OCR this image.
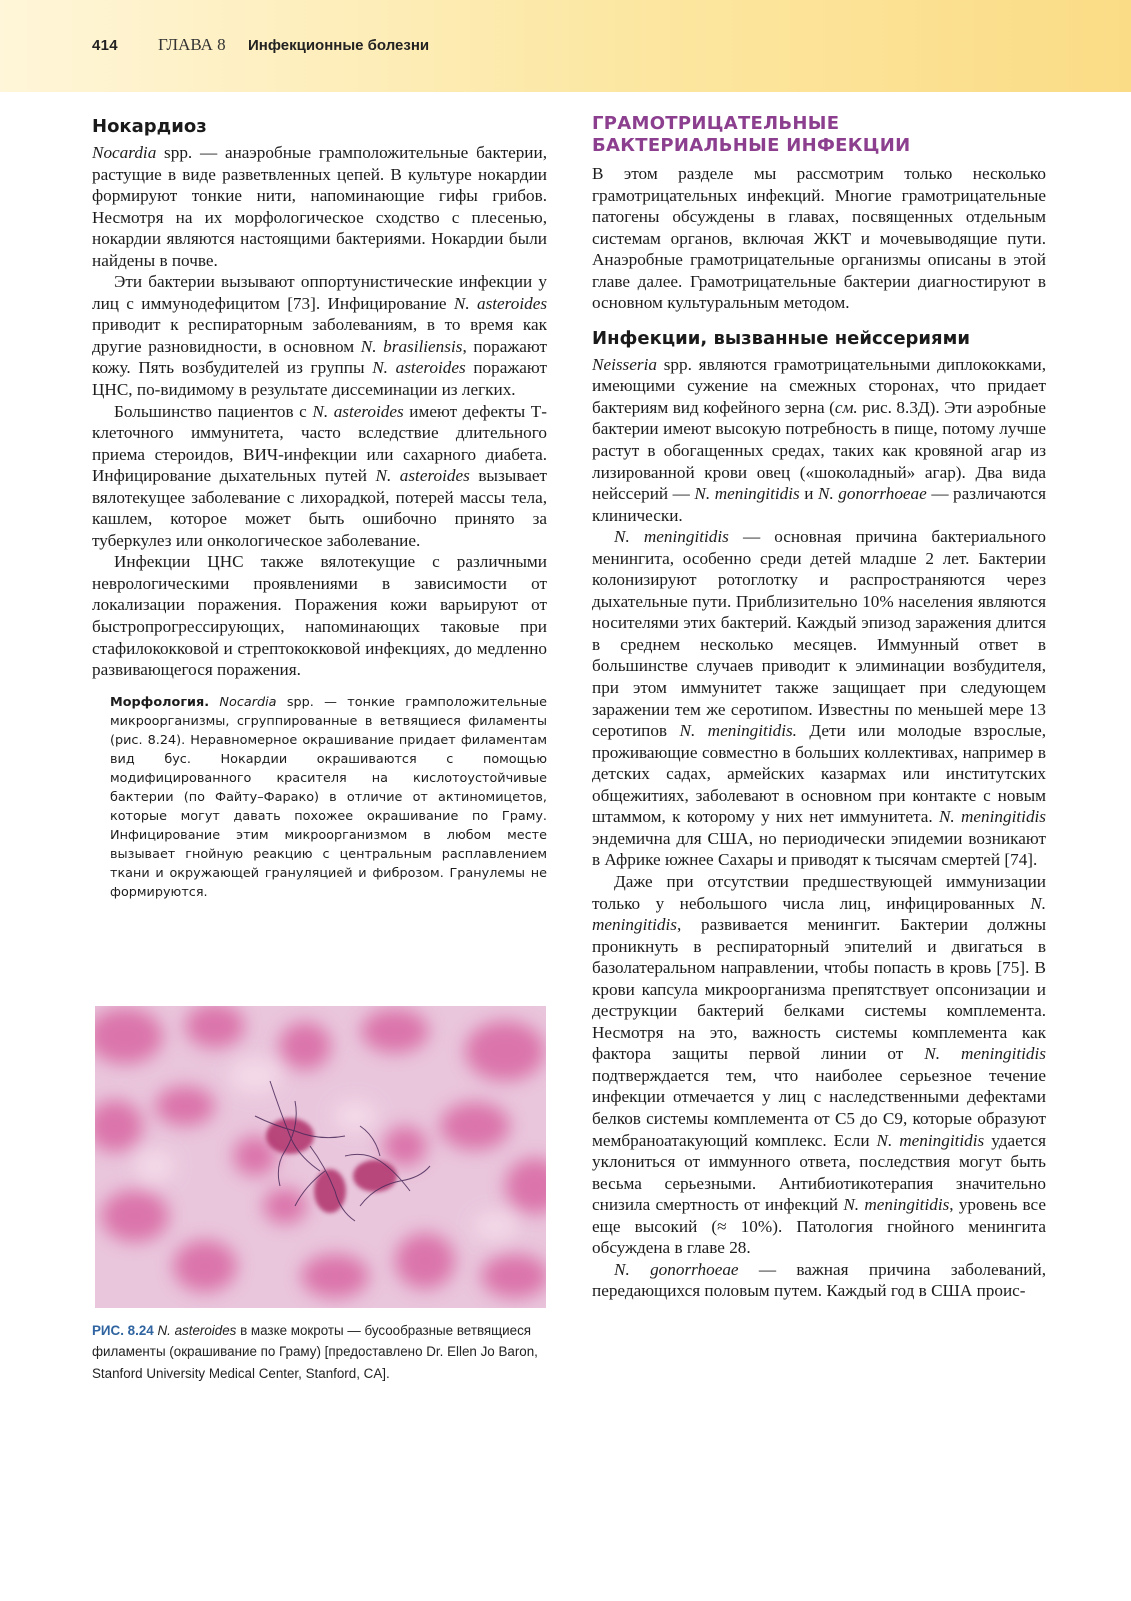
414 ГЛАВА 8 Инфекционные болезни
Нокардиоз

Nocardia spp. — анаэробные грамположительные бактерии, растущие в виде разветвленных цепей. В культуре нокардии формируют тонкие нити, напоминающие гифы грибов. Несмотря на их морфологическое сходство с плесенью, нокардии являются настоящими бактериями. Нокардии были найдены в почве.

Эти бактерии вызывают оппортунистические инфекции у лиц с иммунодефицитом [73]. Инфицирование N. asteroides приводит к респираторным заболеваниям, в то время как другие разновидности, в основном N. brasiliensis, поражают кожу. Пять возбудителей из группы N. asteroides поражают ЦНС, по-видимому в результате диссеминации из легких.

Большинство пациентов с N. asteroides имеют дефекты Т-клеточного иммунитета, часто вследствие длительного приема стероидов, ВИЧ-инфекции или сахарного диабета. Инфицирование дыхательных путей N. asteroides вызывает вялотекущее заболевание с лихорадкой, потерей массы тела, кашлем, которое может быть ошибочно принято за туберкулез или онкологическое заболевание.

Инфекции ЦНС также вялотекущие с различными неврологическими проявлениями в зависимости от локализации поражения. Поражения кожи варьируют от быстропрогрессирующих, напоминающих таковые при стафилококковой и стрептококковой инфекциях, до медленно развивающегося поражения.

Морфология. Nocardia spp. — тонкие грамположительные микроорганизмы, сгруппированные в ветвящиеся филаменты (рис. 8.24). Неравномерное окрашивание придает филаментам вид бус. Нокардии окрашиваются с помощью модифицированного красителя на кислотоустойчивые бактерии (по Файту–Фарако) в отличие от актиномицетов, которые могут давать похожее окрашивание по Граму. Инфицирование этим микроорганизмом в любом месте вызывает гнойную реакцию с центральным расплавлением ткани и окружающей грануляцией и фиброзом. Гранулемы не формируются.
РИС. 8.24 N. asteroides в мазке мокроты — бусообразные ветвящиеся филаменты (окрашивание по Граму) [предоставлено Dr. Ellen Jo Baron, Stanford University Medical Center, Stanford, CA].
ГРАМОТРИЦАТЕЛЬНЫЕ
БАКТЕРИАЛЬНЫЕ ИНФЕКЦИИ

В этом разделе мы рассмотрим только несколько грамотрицательных инфекций. Многие грамотрицательные патогены обсуждены в главах, посвященных отдельным системам органов, включая ЖКТ и мочевыводящие пути. Анаэробные грамотрицательные организмы описаны в этой главе далее. Грамотрицательные бактерии диагностируют в основном культуральным методом.

Инфекции, вызванные нейссериями

Neisseria spp. являются грамотрицательными диплококками, имеющими сужение на смежных сторонах, что придает бактериям вид кофейного зерна (см. рис. 8.3Д). Эти аэробные бактерии имеют высокую потребность в пище, потому лучше растут в обогащенных средах, таких как кровяной агар из лизированной крови овец («шоколадный» агар). Два вида нейссерий — N. meningitidis и N. gonorrhoeae — различаются клинически.

N. meningitidis — основная причина бактериального менингита, особенно среди детей младше 2 лет. Бактерии колонизируют ротоглотку и распространяются через дыхательные пути. Приблизительно 10% населения являются носителями этих бактерий. Каждый эпизод заражения длится в среднем несколько месяцев. Иммунный ответ в большинстве случаев приводит к элиминации возбудителя, при этом иммунитет также защищает при следующем заражении тем же серотипом. Известны по меньшей мере 13 серотипов N. meningitidis. Дети или молодые взрослые, проживающие совместно в больших коллективах, например в детских садах, армейских казармах или институтских общежитиях, заболевают в основном при контакте с новым штаммом, к которому у них нет иммунитета. N. meningitidis эндемична для США, но периодически эпидемии возникают в Африке южнее Сахары и приводят к тысячам смертей [74].

Даже при отсутствии предшествующей иммунизации только у небольшого числа лиц, инфицированных N. meningitidis, развивается менингит. Бактерии должны проникнуть в респираторный эпителий и двигаться в базолатеральном направлении, чтобы попасть в кровь [75]. В крови капсула микроорганизма препятствует опсонизации и деструкции бактерий белками системы комплемента. Несмотря на это, важность системы комплемента как фактора защиты первой линии от N. meningitidis подтверждается тем, что наиболее серьезное течение инфекции отмечается у лиц с наследственными дефектами белков системы комплемента от С5 до С9, которые образуют мембраноатакующий комплекс. Если N. meningitidis удается уклониться от иммунного ответа, последствия могут быть весьма серьезными. Антибиотикотерапия значительно снизила смертность от инфекций N. meningitidis, уровень все еще высокий (≈ 10%). Патология гнойного менингита обсуждена в главе 28.

N. gonorrhoeae — важная причина заболеваний, передающихся половым путем. Каждый год в США проис-
